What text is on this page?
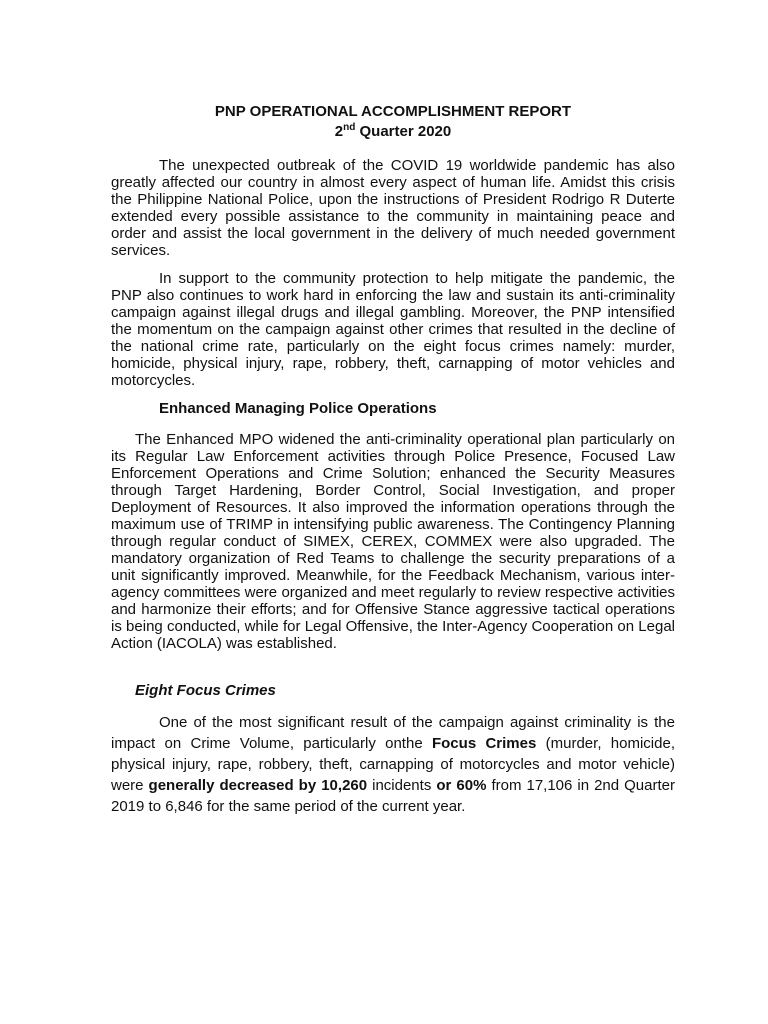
PNP OPERATIONAL ACCOMPLISHMENT REPORT
2nd Quarter 2020

The unexpected outbreak of the COVID 19 worldwide pandemic has also greatly affected our country in almost every aspect of human life. Amidst this crisis the Philippine National Police, upon the instructions of President Rodrigo R Duterte extended every possible assistance to the community in maintaining peace and order and assist the local government in the delivery of much needed government services.

In support to the community protection to help mitigate the pandemic, the PNP also continues to work hard in enforcing the law and sustain its anti-criminality campaign against illegal drugs and illegal gambling. Moreover, the PNP intensified the momentum on the campaign against other crimes that resulted in the decline of the national crime rate, particularly on the eight focus crimes namely: murder, homicide, physical injury, rape, robbery, theft, carnapping of motor vehicles and motorcycles.

Enhanced Managing Police Operations

The Enhanced MPO widened the anti-criminality operational plan particularly on its Regular Law Enforcement activities through Police Presence, Focused Law Enforcement Operations and Crime Solution; enhanced the Security Measures through Target Hardening, Border Control, Social Investigation, and proper Deployment of Resources. It also improved the information operations through the maximum use of TRIMP in intensifying public awareness. The Contingency Planning through regular conduct of SIMEX, CEREX, COMMEX were also upgraded. The mandatory organization of Red Teams to challenge the security preparations of a unit significantly improved. Meanwhile, for the Feedback Mechanism, various inter-agency committees were organized and meet regularly to review respective activities and harmonize their efforts; and for Offensive Stance aggressive tactical operations is being conducted, while for Legal Offensive, the Inter-Agency Cooperation on Legal Action (IACOLA) was established.

Eight Focus Crimes

One of the most significant result of the campaign against criminality is the impact on Crime Volume, particularly onthe Focus Crimes (murder, homicide, physical injury, rape, robbery, theft, carnapping of motorcycles and motor vehicle) were generally decreased by 10,260 incidents or 60% from 17,106 in 2nd Quarter 2019 to 6,846 for the same period of the current year.
